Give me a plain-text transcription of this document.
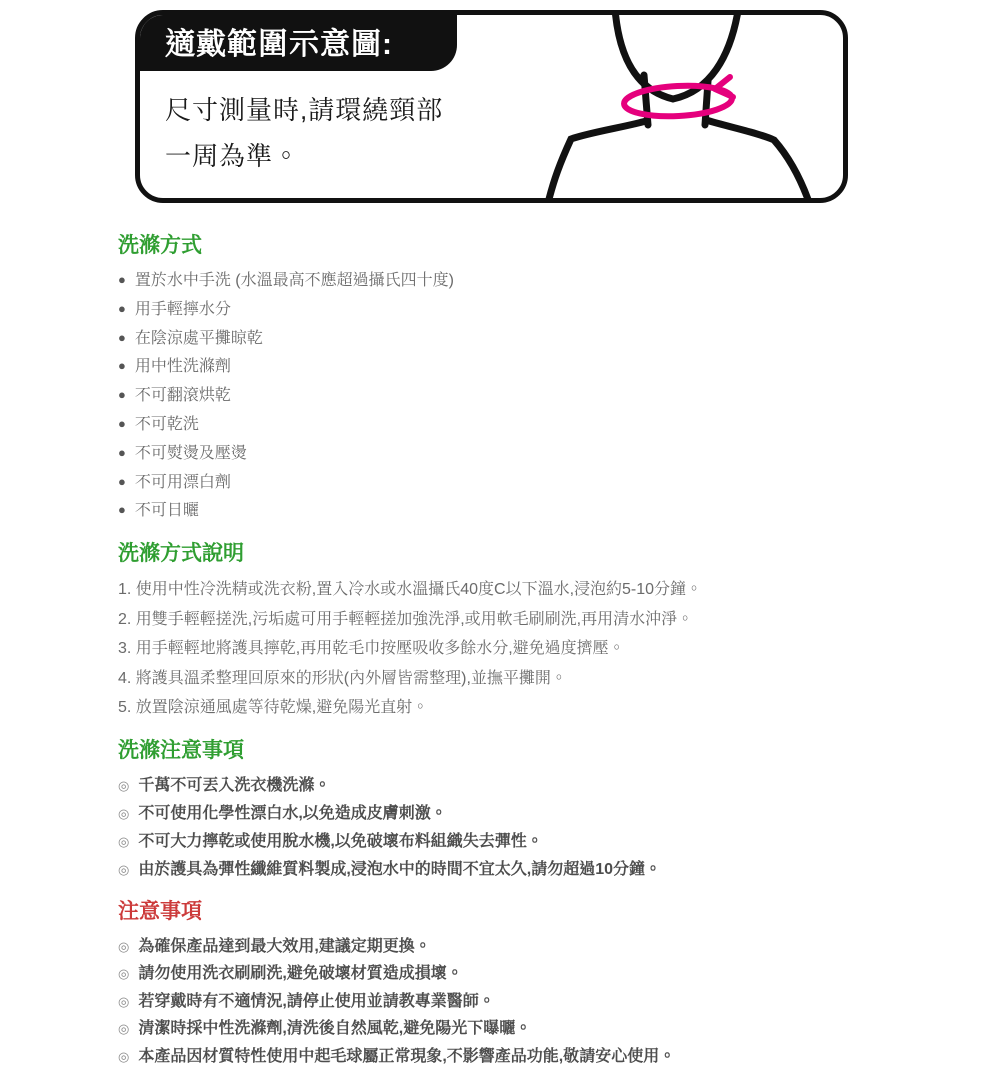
適戴範圍示意圖:
尺寸測量時,請環繞頸部
一周為準。
洗滌方式
● 置於水中手洗 (水溫最高不應超過攝氏四十度)
● 用手輕擰水分
● 在陰涼處平攤晾乾
● 用中性洗滌劑
● 不可翻滾烘乾
● 不可乾洗
● 不可熨燙及壓燙
● 不可用漂白劑
● 不可日曬
洗滌方式說明
1. 使用中性冷洗精或洗衣粉,置入冷水或水溫攝氏40度C以下溫水,浸泡約5-10分鐘。
2. 用雙手輕輕搓洗,污垢處可用手輕輕搓加強洗淨,或用軟毛刷刷洗,再用清水沖淨。
3. 用手輕輕地將護具擰乾,再用乾毛巾按壓吸收多餘水分,避免過度擠壓。
4. 將護具溫柔整理回原來的形狀(內外層皆需整理),並撫平攤開。
5. 放置陰涼通風處等待乾燥,避免陽光直射。
洗滌注意事項
◎ 千萬不可丟入洗衣機洗滌。
◎ 不可使用化學性漂白水,以免造成皮膚刺激。
◎ 不可大力擰乾或使用脫水機,以免破壞布料組織失去彈性。
◎ 由於護具為彈性纖維質料製成,浸泡水中的時間不宜太久,請勿超過10分鐘。
注意事項
◎ 為確保產品達到最大效用,建議定期更換。
◎ 請勿使用洗衣刷刷洗,避免破壞材質造成損壞。
◎ 若穿戴時有不適情況,請停止使用並請教專業醫師。
◎ 清潔時採中性洗滌劑,清洗後自然風乾,避免陽光下曝曬。
◎ 本產品因材質特性使用中起毛球屬正常現象,不影響產品功能,敬請安心使用。
